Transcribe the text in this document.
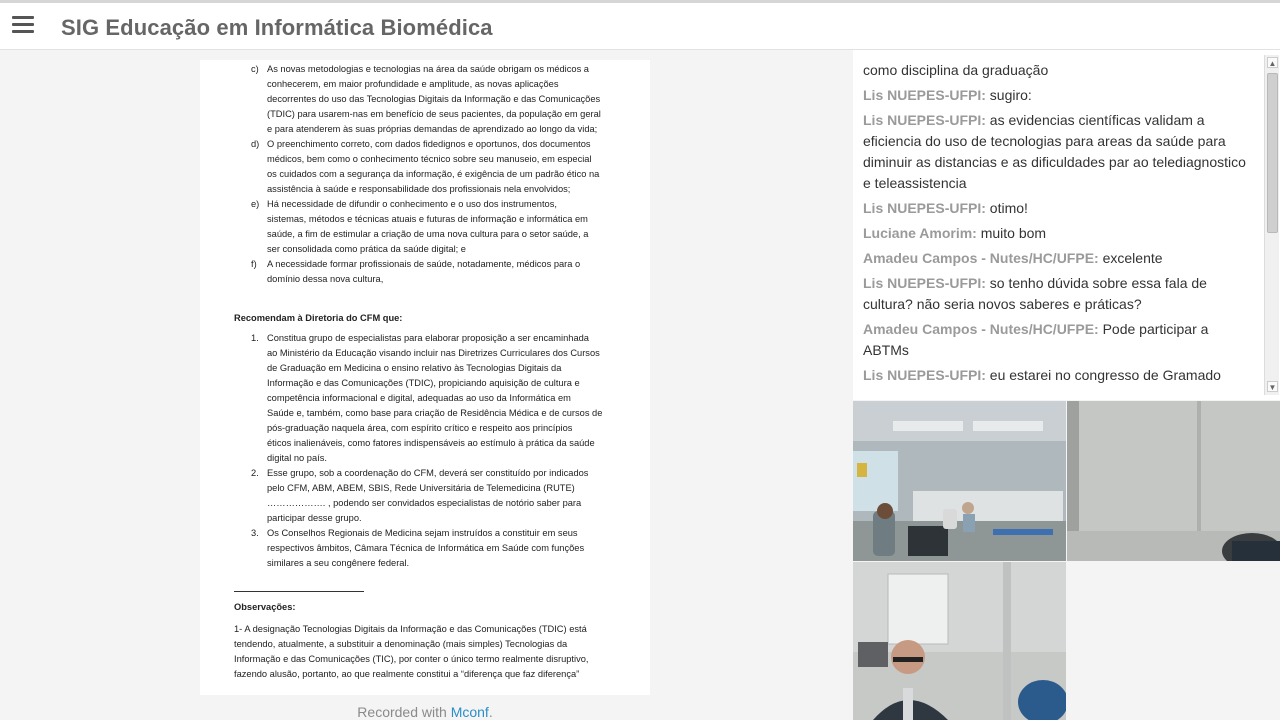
SIG Educação em Informática Biomédica
c) As novas metodologias e tecnologias na área da saúde obrigam os médicos a
conhecerem, em maior profundidade e amplitude, as novas aplicações
decorrentes do uso das Tecnologias Digitais da Informação e das Comunicações
(TDIC) para usarem-nas em benefício de seus pacientes, da população em geral
e para atenderem às suas próprias demandas de aprendizado ao longo da vida;
d) O preenchimento correto, com dados fidedignos e oportunos, dos documentos
médicos, bem como o conhecimento técnico sobre seu manuseio, em especial
os cuidados com a segurança da informação, é exigência de um padrão ético na
assistência à saúde e responsabilidade dos profissionais nela envolvidos;
e) Há necessidade de difundir o conhecimento e o uso dos instrumentos,
sistemas, métodos e técnicas atuais e futuras de informação e informática em
saúde, a fim de estimular a criação de uma nova cultura para o setor saúde, a
ser consolidada como prática da saúde digital; e
f) A necessidade formar profissionais de saúde, notadamente, médicos para o
domínio dessa nova cultura,
Recomendam à Diretoria do CFM que:
1. Constitua grupo de especialistas para elaborar proposição a ser encaminhada
ao Ministério da Educação visando incluir nas Diretrizes Curriculares dos Cursos
de Graduação em Medicina o ensino relativo às Tecnologias Digitais da
Informação e das Comunicações (TDIC), propiciando aquisição de cultura e
competência informacional e digital, adequadas ao uso da Informática em
Saúde e, também, como base para criação de Residência Médica e de cursos de
pós-graduação naquela área, com espírito crítico e respeito aos princípios
éticos inalienáveis, como fatores indispensáveis ao estímulo à prática da saúde
digital no país.
2. Esse grupo, sob a coordenação do CFM, deverá ser constituído por indicados
pelo CFM, ABM, ABEM, SBIS, Rede Universitária de Telemedicina (RUTE)
………………. , podendo ser convidados especialistas de notório saber para
participar desse grupo.
3. Os Conselhos Regionais de Medicina sejam instruídos a constituir em seus
respectivos âmbitos, Câmara Técnica de Informática em Saúde com funções
similares a seu congênere federal.
Observações:
1- A designação Tecnologias Digitais da Informação e das Comunicações (TDIC) está
tendendo, atualmente, a substituir a denominação (mais simples) Tecnologias da
Informação e das Comunicações (TIC), por conter o único termo realmente disruptivo,
fazendo alusão, portanto, ao que realmente constitui a “diferença que faz diferença”
Recorded with Mconf.
como disciplina da graduação
Lis NUEPES-UFPI: sugiro:
Lis NUEPES-UFPI: as evidencias científicas validam a eficiencia do uso de tecnologias para areas da saúde para diminuir as distancias e as dificuldades par ao telediagnostico e teleassistencia
Lis NUEPES-UFPI: otimo!
Luciane Amorim: muito bom
Amadeu Campos - Nutes/HC/UFPE: excelente
Lis NUEPES-UFPI: so tenho dúvida sobre essa fala de cultura? não seria novos saberes e práticas?
Amadeu Campos - Nutes/HC/UFPE: Pode participar a ABTMs
Lis NUEPES-UFPI: eu estarei no congresso de Gramado
▲
▼
